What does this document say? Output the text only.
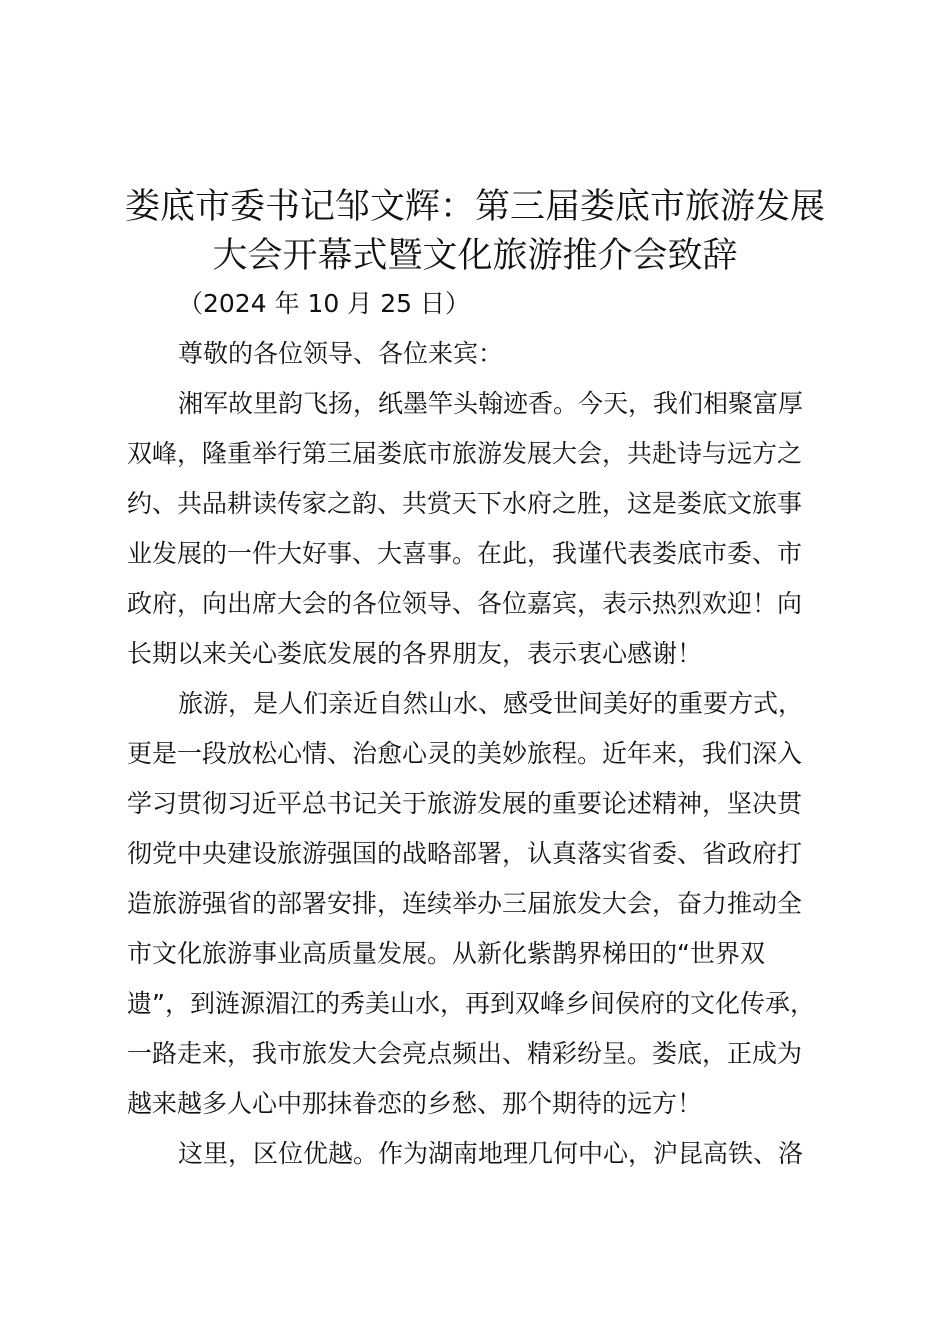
娄底市委书记邹文辉：第三届娄底市旅游发展
大会开幕式暨文化旅游推介会致辞
（2024 年 10 月 25 日）
尊敬的各位领导、各位来宾：
湘军故里韵飞扬，纸墨竿头翰迹香。今天，我们相聚富厚
双峰，隆重举行第三届娄底市旅游发展大会，共赴诗与远方之
约、共品耕读传家之韵、共赏天下水府之胜，这是娄底文旅事
业发展的一件大好事、大喜事。在此，我谨代表娄底市委、市
政府，向出席大会的各位领导、各位嘉宾，表示热烈欢迎！向
长期以来关心娄底发展的各界朋友，表示衷心感谢！
旅游，是人们亲近自然山水、感受世间美好的重要方式，
更是一段放松心情、治愈心灵的美妙旅程。近年来，我们深入
学习贯彻习近平总书记关于旅游发展的重要论述精神，坚决贯
彻党中央建设旅游强国的战略部署，认真落实省委、省政府打
造旅游强省的部署安排，连续举办三届旅发大会，奋力推动全
市文化旅游事业高质量发展。从新化紫鹊界梯田的“世界双
遗”，到涟源湄江的秀美山水，再到双峰乡间侯府的文化传承，
一路走来，我市旅发大会亮点频出、精彩纷呈。娄底，正成为
越来越多人心中那抹眷恋的乡愁、那个期待的远方！
这里，区位优越。作为湖南地理几何中心，沪昆高铁、洛
